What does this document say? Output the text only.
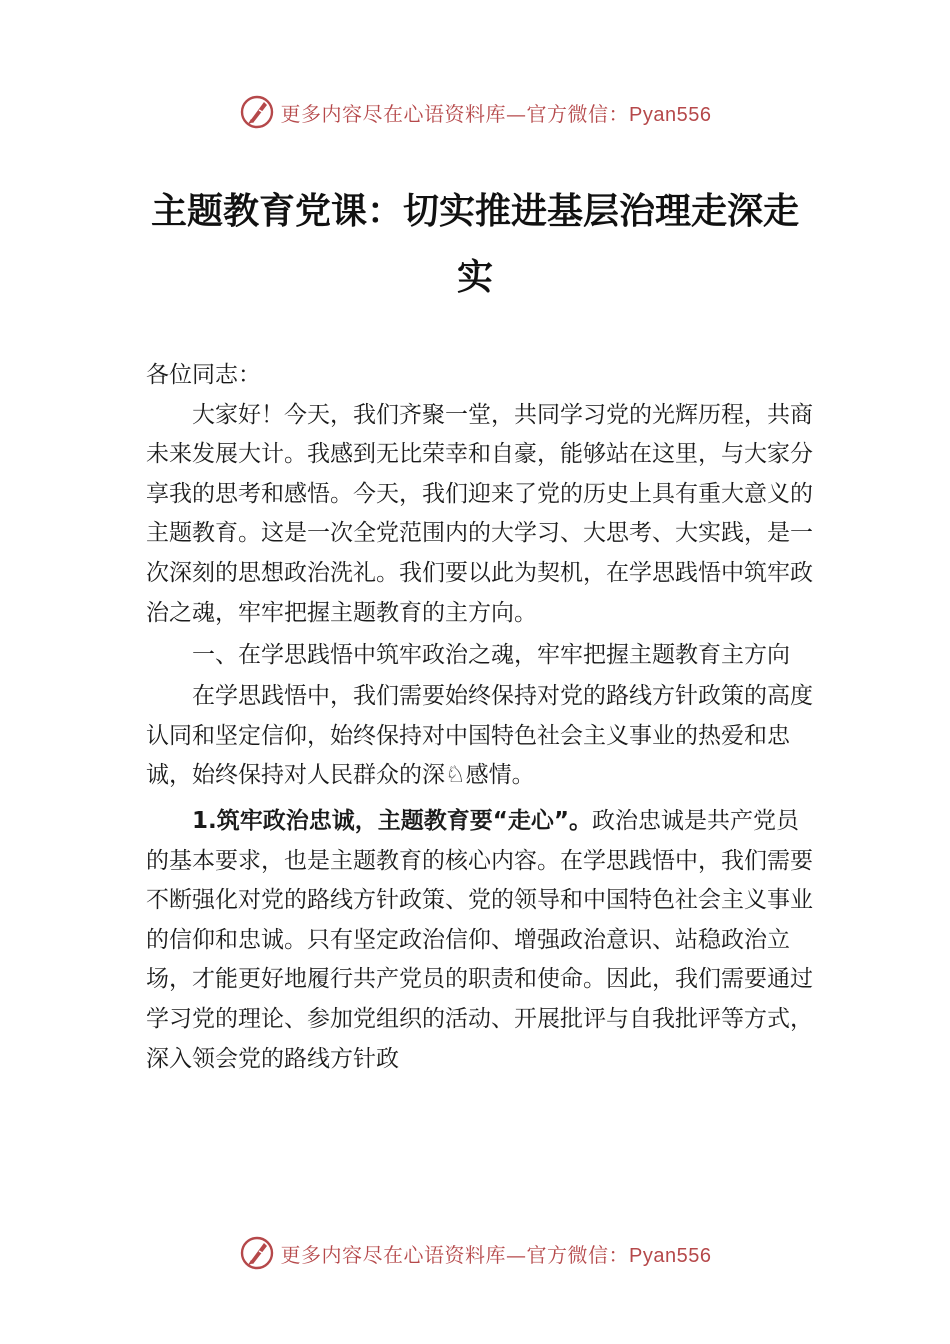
更多内容尽在心语资料库—官方微信：Pyan556
主题教育党课：切实推进基层治理走深走实

各位同志：

大家好！今天，我们齐聚一堂，共同学习党的光辉历程，共商未来发展大计。我感到无比荣幸和自豪，能够站在这里，与大家分享我的思考和感悟。今天，我们迎来了党的历史上具有重大意义的主题教育。这是一次全党范围内的大学习、大思考、大实践，是一次深刻的思想政治洗礼。我们要以此为契机，在学思践悟中筑牢政治之魂，牢牢把握主题教育的主方向。

一、在学思践悟中筑牢政治之魂，牢牢把握主题教育主方向

在学思践悟中，我们需要始终保持对党的路线方针政策的高度认同和坚定信仰，始终保持对中国特色社会主义事业的热爱和忠诚，始终保持对人民群众的深♘感情。

1.筑牢政治忠诚，主题教育要“走心”。政治忠诚是共产党员的基本要求，也是主题教育的核心内容。在学思践悟中，我们需要不断强化对党的路线方针政策、党的领导和中国特色社会主义事业的信仰和忠诚。只有坚定政治信仰、增强政治意识、站稳政治立场，才能更好地履行共产党员的职责和使命。因此，我们需要通过学习党的理论、参加党组织的活动、开展批评与自我批评等方式，深入领会党的路线方针政

更多内容尽在心语资料库—官方微信：Pyan556
